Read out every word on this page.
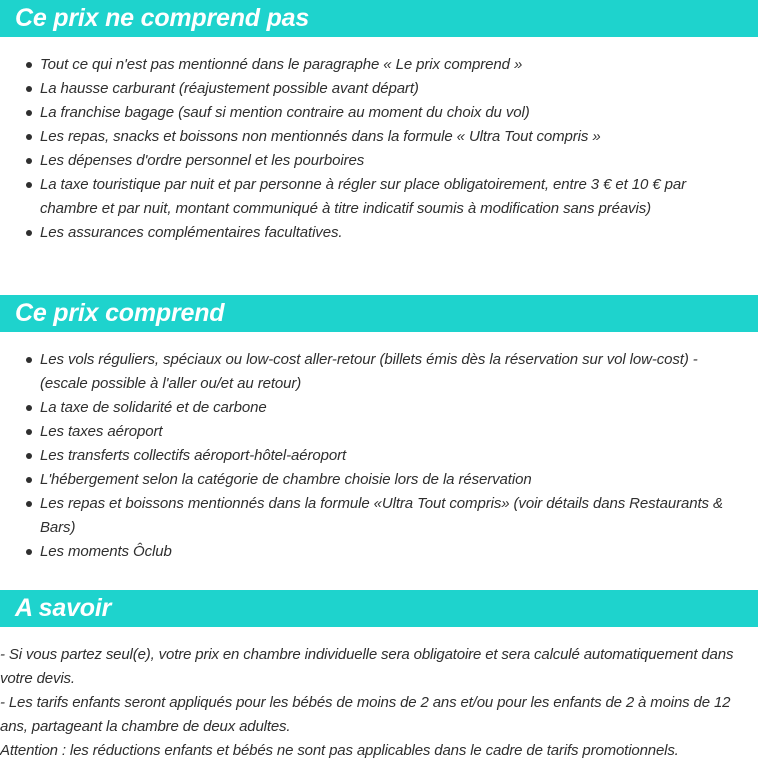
Ce prix ne comprend pas
Tout ce qui n'est pas mentionné dans le paragraphe « Le prix comprend »
La hausse carburant (réajustement possible avant départ)
La franchise bagage (sauf si mention contraire au moment du choix du vol)
Les repas, snacks et boissons non mentionnés dans la formule « Ultra Tout compris »
Les dépenses d'ordre personnel et les pourboires
La taxe touristique par nuit et par personne à régler sur place obligatoirement, entre 3 € et 10 € par chambre et par nuit, montant communiqué à titre indicatif soumis à modification sans préavis)
Les assurances complémentaires facultatives.
Ce prix comprend
Les vols réguliers, spéciaux ou low-cost aller-retour (billets émis dès la réservation sur vol low-cost) - (escale possible à l'aller ou/et au retour)
La taxe de solidarité et de carbone
Les taxes aéroport
Les transferts collectifs aéroport-hôtel-aéroport
L'hébergement selon la catégorie de chambre choisie lors de la réservation
Les repas et boissons mentionnés dans la formule «Ultra Tout compris» (voir détails dans Restaurants & Bars)
Les moments Ôclub
A savoir

- Si vous partez seul(e), votre prix en chambre individuelle sera obligatoire et sera calculé automatiquement dans votre devis.

- Les tarifs enfants seront appliqués pour les bébés de moins de 2 ans et/ou pour les enfants de 2 à moins de 12 ans, partageant la chambre de deux adultes.

Attention : les réductions enfants et bébés ne sont pas applicables dans le cadre de tarifs promotionnels.
